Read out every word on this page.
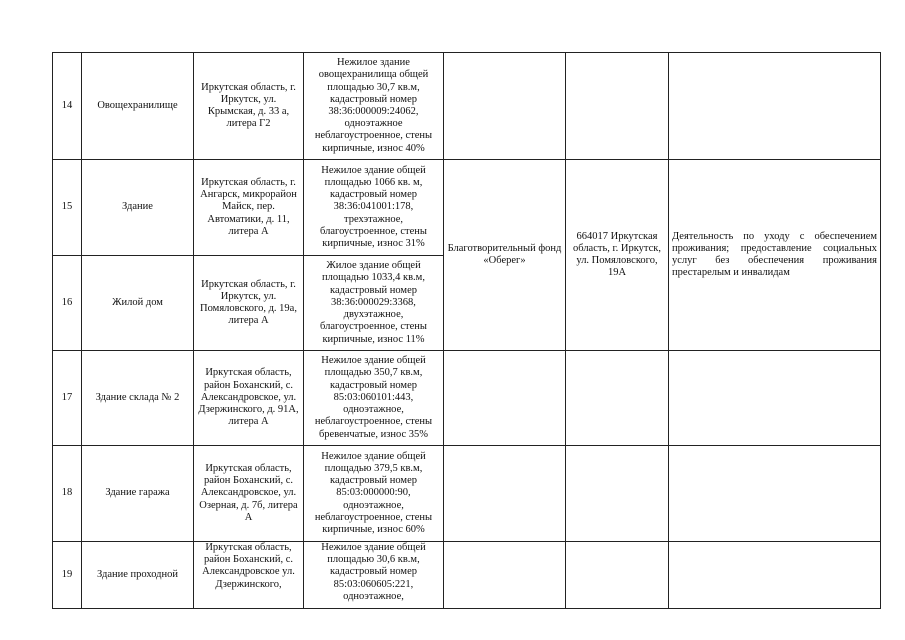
14	Овощехранилище	Иркутская область, г. Иркутск, ул. Крымская, д. 33 а, литера Г2	Нежилое здание овощехранилища общей площадью 30,7 кв.м, кадастровый номер 38:36:000009:24062, одноэтажное неблагоустроенное, стены кирпичные, износ 40%			
15	Здание	Иркутская область, г. Ангарск, микрорайон Майск, пер. Автоматики, д. 11, литера А	Нежилое здание общей площадью 1066 кв. м, кадастровый номер 38:36:041001:178, трехэтажное, благоустроенное, стены кирпичные, износ 31%	Благотворительный фонд «Оберег»	664017 Иркутская область, г. Иркутск, ул. Помяловского, 19А	Деятельность по уходу с обеспечением проживания; предоставление социальных услуг без обеспечения проживания престарелым и инвалидам

16	Жилой дом	Иркутская область, г. Иркутск, ул. Помяловского, д. 19а, литера А	Жилое здание общей площадью 1033,4 кв.м, кадастровый номер 38:36:000029:3368, двухэтажное, благоустроенное, стены кирпичные, износ 11%			
17	Здание склада № 2	Иркутская область, район Боханский, с. Александровское, ул. Дзержинского, д. 91А, литера А	Нежилое здание общей площадью 350,7 кв.м, кадастровый номер 85:03:060101:443, одноэтажное, неблагоустроенное, стены бревенчатые, износ 35%			
18	Здание гаража	Иркутская область, район Боханский, с. Александровское, ул. Озерная, д. 7б, литера А	Нежилое здание общей площадью 379,5 кв.м, кадастровый номер 85:03:000000:90, одноэтажное, неблагоустроенное, стены кирпичные, износ 60%			
19	Здание проходной	Иркутская область, район Боханский, с. Александровское ул. Дзержинского,	Нежилое здание общей площадью 30,6 кв.м, кадастровый номер 85:03:060605:221, одноэтажное,			
